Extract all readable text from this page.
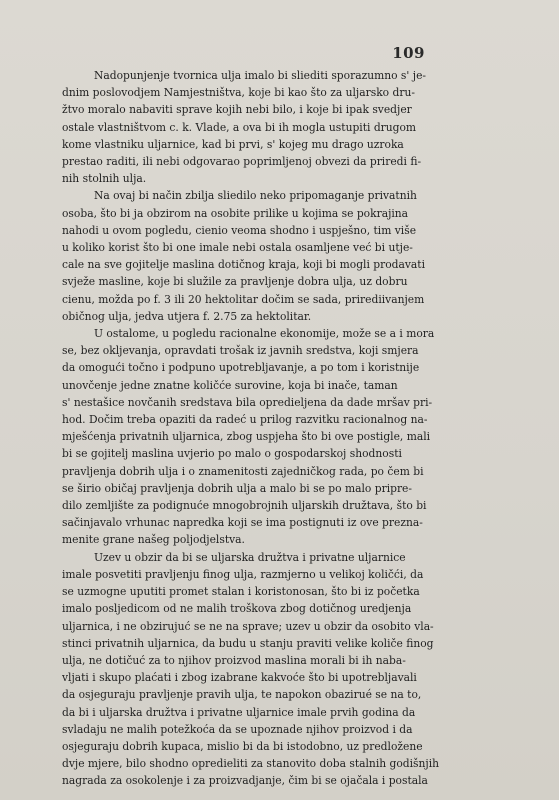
109
Nadopunjenje tvornica ulja imalo bi sliediti sporazumno s' je-
dnim poslovodjem Namjestništva, koje bi kao što za uljarsko dru-
žtvo moralo nabaviti sprave kojih nebi bilo, i koje bi ipak svedjer
ostale vlastništvom c. k. Vlade, a ova bi ih mogla ustupiti drugom
kome vlastniku uljarnice, kad bi prvi, s' kojeg mu drago uzroka
prestao raditi, ili nebi odgovarao poprimljenoj obvezi da priredi fi-
nih stolnih ulja.
Na ovaj bi način zbilja sliedilo neko pripomaganje privatnih
osoba, što bi ja obzirom na osobite prilike u kojima se pokrajina
nahodi u ovom pogledu, cienio veoma shodno i uspješno, tim više
u koliko korist što bi one imale nebi ostala osamljene već bi utje-
cale na sve gojitelje maslina dotičnog kraja, koji bi mogli prodavati
svježe masline, koje bi služile za pravljenje dobra ulja, uz dobru
cienu, možda po f. 3 ili 20 hektolitar dočim se sada, prirediivanjem
običnog ulja, jedva utjera f. 2.75 za hektolitar.
U ostalome, u pogledu racionalne ekonomije, može se a i mora
se, bez okljevanja, opravdati trošak iz javnih sredstva, koji smjera
da omogući točno i podpuno upotrebljavanje, a po tom i koristnije
unovčenje jedne znatne količće surovine, koja bi inače, taman
s' nestašice novčanih sredstava bila opredieljena da dade mršav pri-
hod. Dočim treba opaziti da radeć u prilog razvitku racionalnog na-
mješćenja privatnih uljarnica, zbog uspjeha što bi ove postigle, mali
bi se gojitelj maslina uvjerio po malo o gospodarskoj shodnosti
pravljenja dobrih ulja i o znamenitosti zajedničkog rada, po čem bi
se širio običaj pravljenja dobrih ulja a malo bi se po malo pripre-
dilo zemljište za podignuće mnogobrojnih uljarskih družtava, što bi
sačinjavalo vrhunac napredka koji se ima postignuti iz ove prezna-
menite grane našeg poljodjelstva.
Uzev u obzir da bi se uljarska družtva i privatne uljarnice
imale posvetiti pravljenju finog ulja, razmjerno u velikoj količći, da
se uzmogne uputiti promet stalan i koristonosan, što bi iz početka
imalo posljedicom od ne malih troškova zbog dotičnog uredjenja
uljarnica, i ne obzirujuć se ne na sprave; uzev u obzir da osobito vla-
stinci privatnih uljarnica, da budu u stanju praviti velike količe finog
ulja, ne dotičuć za to njihov proizvod maslina morali bi ih naba-
vljati i skupo plaćati i zbog izabrane kakvoće što bi upotrebljavali
da osjeguraju pravljenje pravih ulja, te napokon obazirué se na to,
da bi i uljarska družtva i privatne uljarnice imale prvih godina da
svladaju ne malih potežkoća da se upoznade njihov proizvod i da
osjeguraju dobrih kupaca, mislio bi da bi istodobno, uz predložene
dvje mjere, bilo shodno opredieliti za stanovito doba stalnih godišnjih
nagrada za osokolenje i za proizvadjanje, čim bi se ojačala i postala
